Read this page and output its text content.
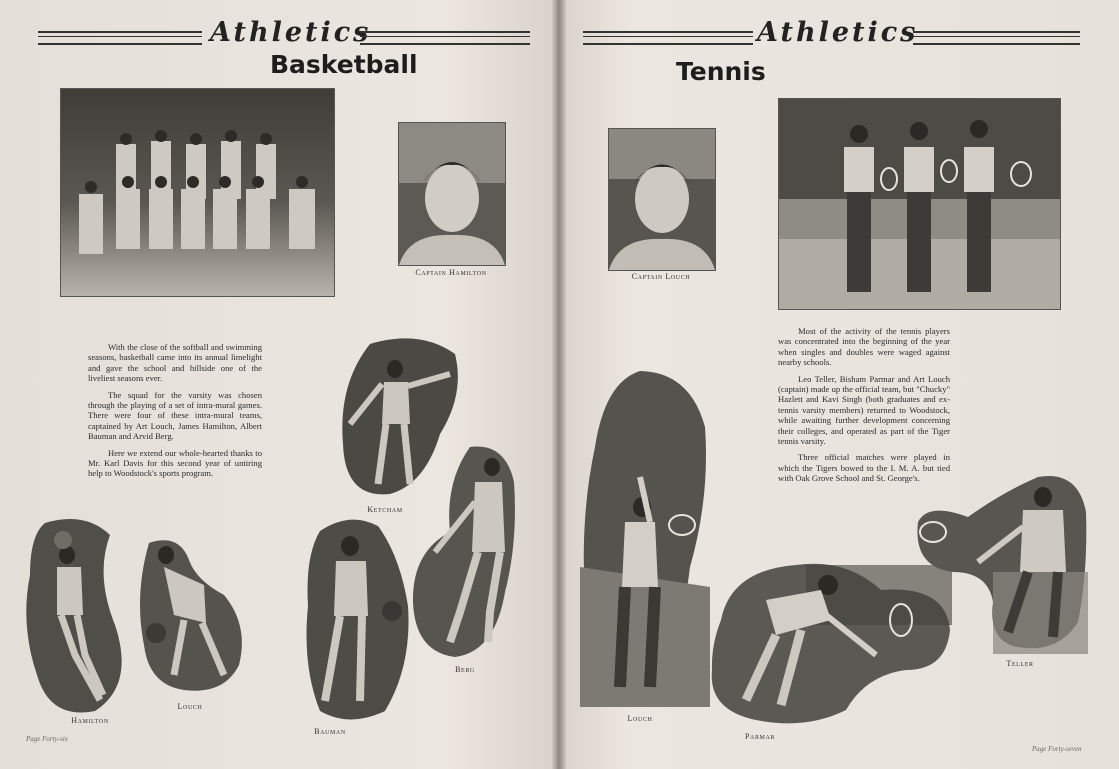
Athletics
Basketball
Captain Hamilton

With the close of the softball and swimming seasons, basketball came into its annual limelight and gave the school and hillside one of the liveliest seasons ever.

The squad for the varsity was chosen through the playing of a set of intra-mural games. There were four of these intra-mural teams, captained by Art Louch, James Hamilton, Albert Bauman and Arvid Berg.

Here we extend our whole-hearted thanks to Mr. Karl Davis for this second year of untiring help to Woodstock's sports program.

Ketcham
Hamilton
Louch
Bauman
Berg
Page Forty-six
Athletics
Tennis
Captain Louch

Most of the activity of the tennis players was concentrated into the beginning of the year when singles and doubles were waged against nearby schools.

Leo Teller, Bisham Parmar and Art Louch (captain) made up the official team, but "Chucky" Hazlett and Kavi Singh (both graduates and ex-tennis varsity members) returned to Woodstock, while awaiting further development concerning their colleges, and operated as part of the Tiger tennis varsity.

Three official matches were played in which the Tigers bowed to the I. M. A. but tied with Oak Grove School and St. George's.

Louch
Parmar
Teller
Page Forty-seven
